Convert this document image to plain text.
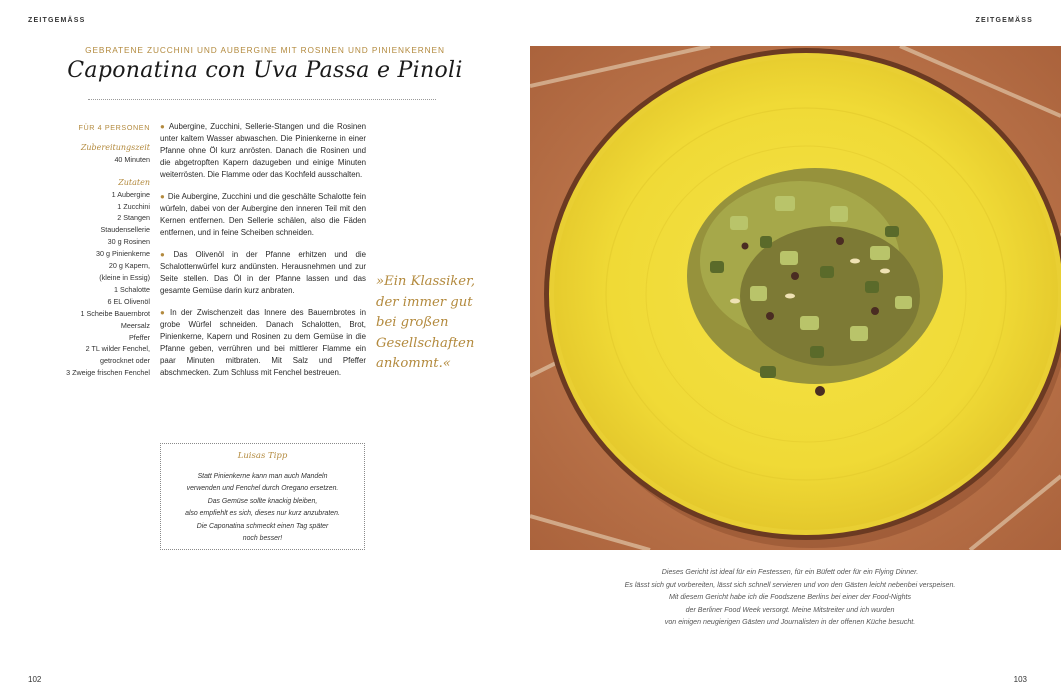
ZEITGEMÄSS
GEBRATENE ZUCCHINI UND AUBERGINE MIT ROSINEN UND PINIENKERNEN
Caponatina con Uva Passa e Pinoli
FÜR 4 PERSONEN
Zubereitungszeit
40 Minuten
Zutaten
1 Aubergine
1 Zucchini
2 Stangen
Staudensellerie
30 g Rosinen
30 g Pinienkerne
20 g Kapern,
(kleine in Essig)
1 Schalotte
6 EL Olivenöl
1 Scheibe Bauernbrot
Meersalz
Pfeffer
2 TL wilder Fenchel,
getrocknet oder
3 Zweige frischen Fenchel

● Aubergine, Zucchini, Sellerie-Stangen und die Rosinen unter kaltem Wasser abwaschen. Die Pinienkerne in einer Pfanne ohne Öl kurz anrösten. Danach die Rosinen und die abgetropften Kapern dazugeben und einige Minuten weiterrösten. Die Flamme oder das Kochfeld ausschalten.

● Die Aubergine, Zucchini und die geschälte Schalotte fein würfeln, dabei von der Aubergine den inneren Teil mit den Kernen entfernen. Den Sellerie schälen, also die Fäden entfernen, und in feine Scheiben schneiden.

● Das Olivenöl in der Pfanne erhitzen und die Schalottenwürfel kurz andünsten. Herausnehmen und zur Seite stellen. Das Öl in der Pfanne lassen und das gesamte Gemüse darin kurz anbraten.

● In der Zwischenzeit das Innere des Bauernbrotes in grobe Würfel schneiden. Danach Schalotten, Brot, Pinienkerne, Kapern und Rosinen zu dem Gemüse in die Pfanne geben, verrühren und bei mittlerer Flamme ein paar Minuten mitbraten. Mit Salz und Pfeffer abschmecken. Zum Schluss mit Fenchel bestreuen.

»Ein Klassiker, der immer gut bei großen Gesellschaften ankommt.«
Luisas Tipp
Statt Pinienkerne kann man auch Mandeln
verwenden und Fenchel durch Oregano ersetzen.
Das Gemüse sollte knackig bleiben,
also empfiehlt es sich, dieses nur kurz anzubraten.
Die Caponatina schmeckt einen Tag später
noch besser!
102
ZEITGEMÄSS
Dieses Gericht ist ideal für ein Festessen, für ein Büfett oder für ein Flying Dinner.
Es lässt sich gut vorbereiten, lässt sich schnell servieren und von den Gästen leicht nebenbei verspeisen.
Mit diesem Gericht habe ich die Foodszene Berlins bei einer der Food-Nights
der Berliner Food Week versorgt. Meine Mitstreiter und ich wurden
von einigen neugierigen Gästen und Journalisten in der offenen Küche besucht.
103
